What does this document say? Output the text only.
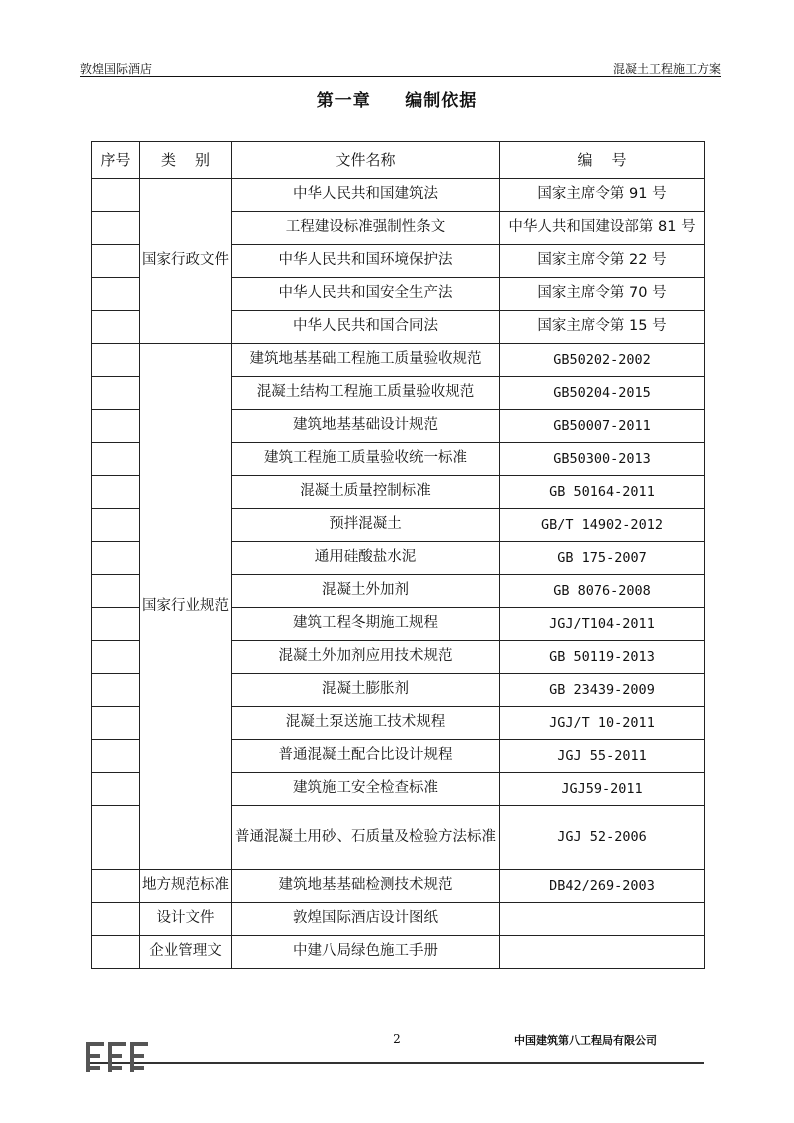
敦煌国际酒店	混凝土工程施工方案
第一章     编制依据
序号	类    别	文件名称	编    号
	国家行政文件	中华人民共和国建筑法	国家主席令第 91 号
		工程建设标准强制性条文	中华人共和国建设部第 81 号
		中华人民共和国环境保护法	国家主席令第 22 号
		中华人民共和国安全生产法	国家主席令第 70 号
		中华人民共和国合同法	国家主席令第 15 号
	国家行业规范	建筑地基基础工程施工质量验收规范	GB50202-2002
		混凝土结构工程施工质量验收规范	GB50204-2015
		建筑地基基础设计规范	GB50007-2011
		建筑工程施工质量验收统一标准	GB50300-2013
		混凝土质量控制标准	GB 50164-2011
		预拌混凝土	GB/T 14902-2012
		通用硅酸盐水泥	GB 175-2007
		混凝土外加剂	GB 8076-2008
		建筑工程冬期施工规程	JGJ/T104-2011
		混凝土外加剂应用技术规范	GB 50119-2013
		混凝土膨胀剂	GB 23439-2009
		混凝土泵送施工技术规程	JGJ/T 10-2011
		普通混凝土配合比设计规程	JGJ 55-2011
		建筑施工安全检查标准	JGJ59-2011
		普通混凝土用砂、石质量及检验方法标准	JGJ 52-2006
	地方规范标准	建筑地基基础检测技术规范	DB42/269-2003
	设计文件	敦煌国际酒店设计图纸	
	企业管理文	中建八局绿色施工手册	
2	中国建筑第八工程局有限公司
